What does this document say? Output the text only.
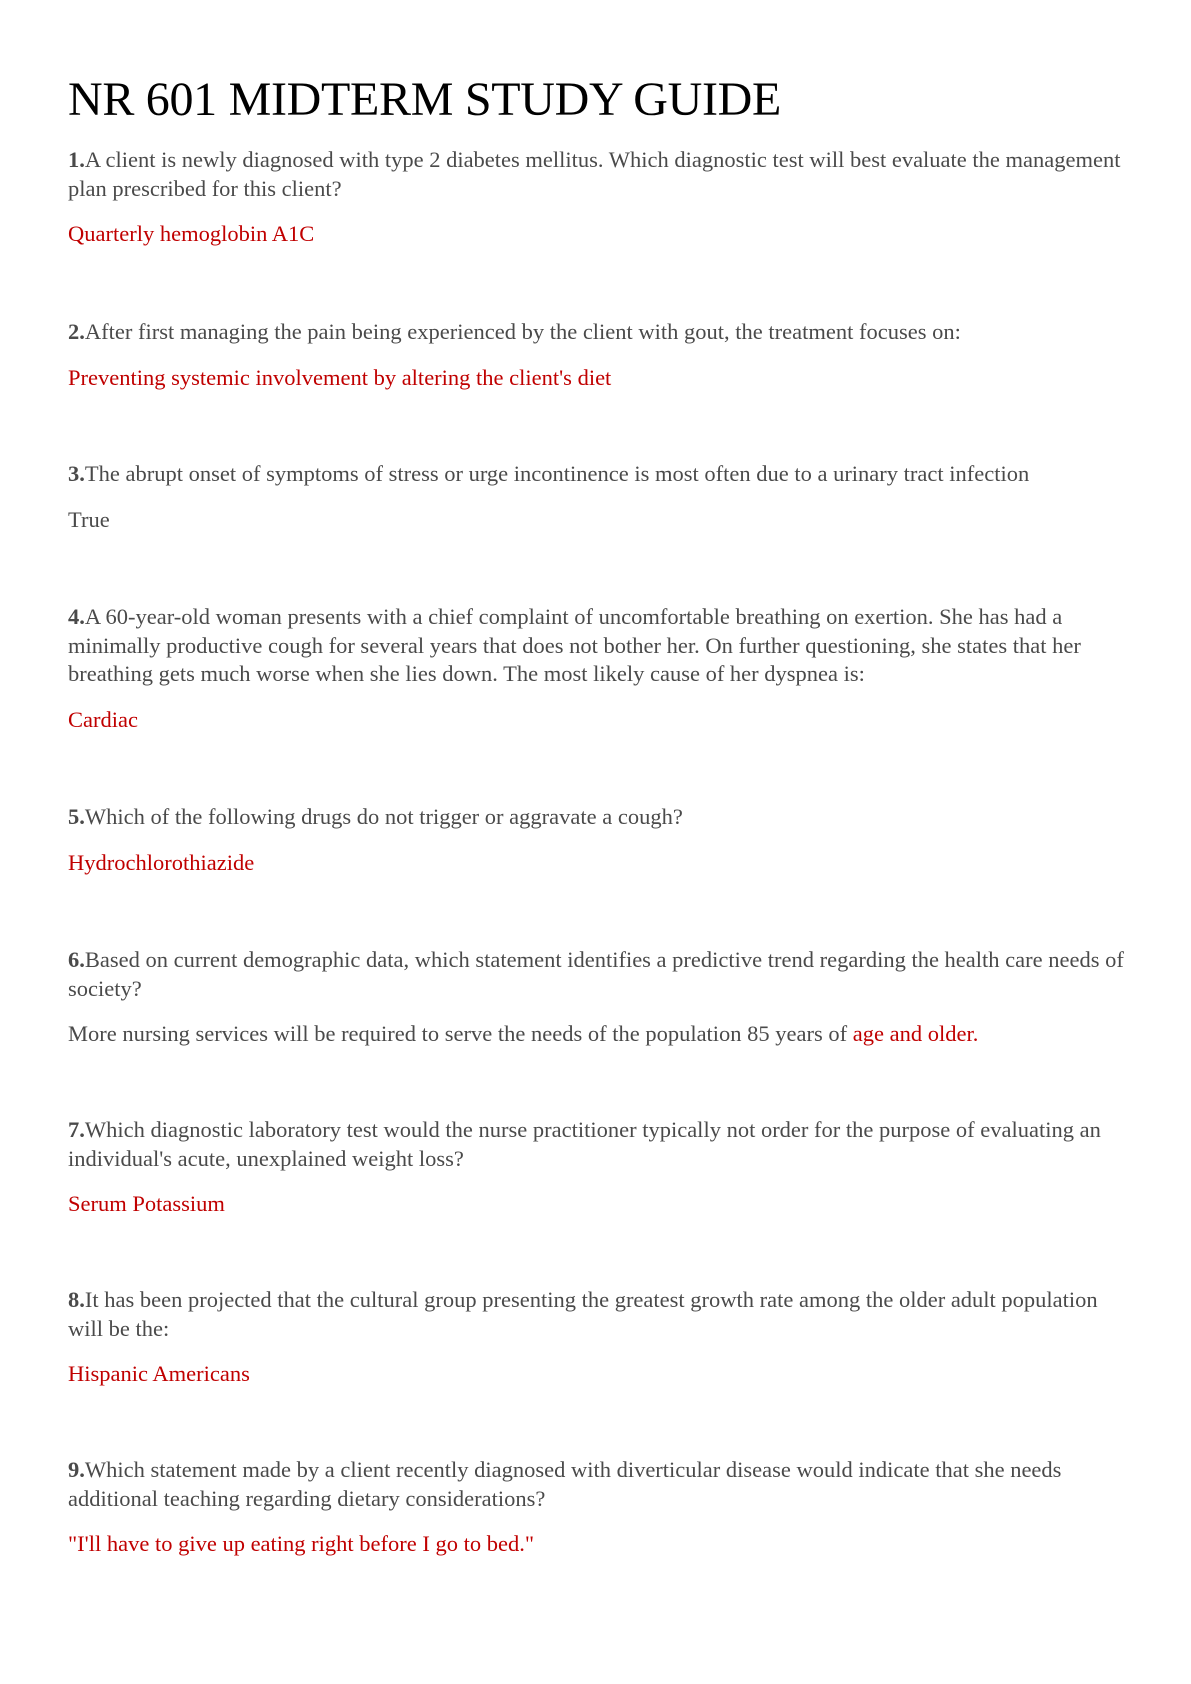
NR 601 MIDTERM STUDY GUIDE

1.A client is newly diagnosed with type 2 diabetes mellitus. Which diagnostic test will best evaluate the management plan prescribed for this client?

Quarterly hemoglobin A1C

2.After first managing the pain being experienced by the client with gout, the treatment focuses on:

Preventing systemic involvement by altering the client's diet

3.The abrupt onset of symptoms of stress or urge incontinence is most often due to a urinary tract infection

True

4.A 60-year-old woman presents with a chief complaint of uncomfortable breathing on exertion. She has had a minimally productive cough for several years that does not bother her. On further questioning, she states that her breathing gets much worse when she lies down. The most likely cause of her dyspnea is:

Cardiac

5.Which of the following drugs do not trigger or aggravate a cough?

Hydrochlorothiazide

6.Based on current demographic data, which statement identifies a predictive trend regarding the health care needs of society?

More nursing services will be required to serve the needs of the population 85 years of age and older.

7.Which diagnostic laboratory test would the nurse practitioner typically not order for the purpose of evaluating an individual's acute, unexplained weight loss?

Serum Potassium

8.It has been projected that the cultural group presenting the greatest growth rate among the older adult population will be the:

Hispanic Americans

9.Which statement made by a client recently diagnosed with diverticular disease would indicate that she needs additional teaching regarding dietary considerations?

"I'll have to give up eating right before I go to bed."
